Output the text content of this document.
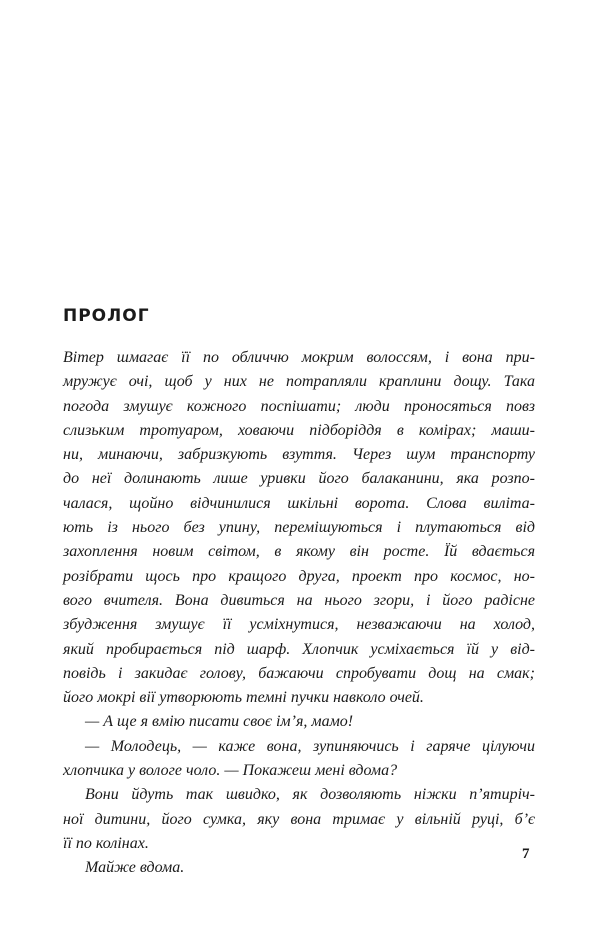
ПРОЛОГ
Вітер шмагає її по обличчю мокрим волоссям, і вона при-
мружує очі, щоб у них не потрапляли краплини дощу. Така
погода змушує кожного поспішати; люди проносяться повз
слизьким тротуаром, ховаючи підборіддя в комірах; маши-
ни, минаючи, забризкують взуття. Через шум транспорту
до неї долинають лише уривки його балаканини, яка розпо-
чалася, щойно відчинилися шкільні ворота. Слова виліта-
ють із нього без упину, перемішуються і плутаються від
захоплення новим світом, в якому він росте. Їй вдається
розібрати щось про кращого друга, проект про космос, но-
вого вчителя. Вона дивиться на нього згори, і його радісне
збудження змушує її усміхнутися, незважаючи на холод,
який пробирається під шарф. Хлопчик усміхається їй у від-
повідь і закидає голову, бажаючи спробувати дощ на смак;
його мокрі вії утворюють темні пучки навколо очей.
— А ще я вмію писати своє ім’я, мамо!
— Молодець, — каже вона, зупиняючись і гаряче цілуючи
хлопчика у вологе чоло. — Покажеш мені вдома?
Вони йдуть так швидко, як дозволяють ніжки п’ятиріч-
ної дитини, його сумка, яку вона тримає у вільній руці, б’є
її по колінах.
Майже вдома.
7
